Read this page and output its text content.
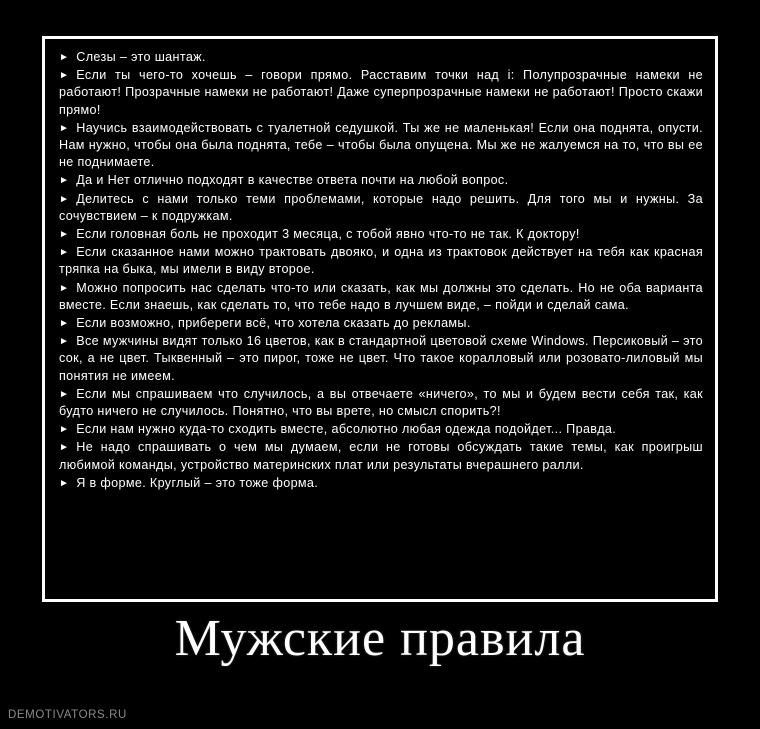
► Слезы – это шантаж.

► Если ты чего-то хочешь – говори прямо. Расставим точки над i: Полупрозрачные намеки не работают! Прозрачные намеки не работают! Даже суперпрозрачные намеки не работают! Просто скажи прямо!

► Научись взаимодействовать с туалетной седушкой. Ты же не маленькая! Если она поднята, опусти. Нам нужно, чтобы она была поднята, тебе – чтобы была опущена. Мы же не жалуемся на то, что вы ее не поднимаете.

► Да и Нет отлично подходят в качестве ответа почти на любой вопрос.

► Делитесь с нами только теми проблемами, которые надо решить. Для того мы и нужны. За сочувствием – к подружкам.

► Если головная боль не проходит 3 месяца, с тобой явно что-то не так. К доктору!

► Если сказанное нами можно трактовать двояко, и одна из трактовок действует на тебя как красная тряпка на быка, мы имели в виду второе.

► Можно попросить нас сделать что-то или сказать, как мы должны это сделать. Но не оба варианта вместе. Если знаешь, как сделать то, что тебе надо в лучшем виде, – пойди и сделай сама.

► Если возможно, прибереги всё, что хотела сказать до рекламы.

► Все мужчины видят только 16 цветов, как в стандартной цветовой схеме Windows. Персиковый – это сок, а не цвет. Тыквенный – это пирог, тоже не цвет. Что такое коралловый или розовато-лиловый мы понятия не имеем.

► Если мы спрашиваем что случилось, а вы отвечаете «ничего», то мы и будем вести себя так, как будто ничего не случилось. Понятно, что вы врете, но смысл спорить?!

► Если нам нужно куда-то сходить вместе, абсолютно любая одежда подойдет... Правда.

► Не надо спрашивать о чем мы думаем, если не готовы обсуждать такие темы, как проигрыш любимой команды, устройство материнских плат или результаты вчерашнего ралли.

► Я в форме. Круглый – это тоже форма.

Мужские правила
DEMOTIVATORS.RU
